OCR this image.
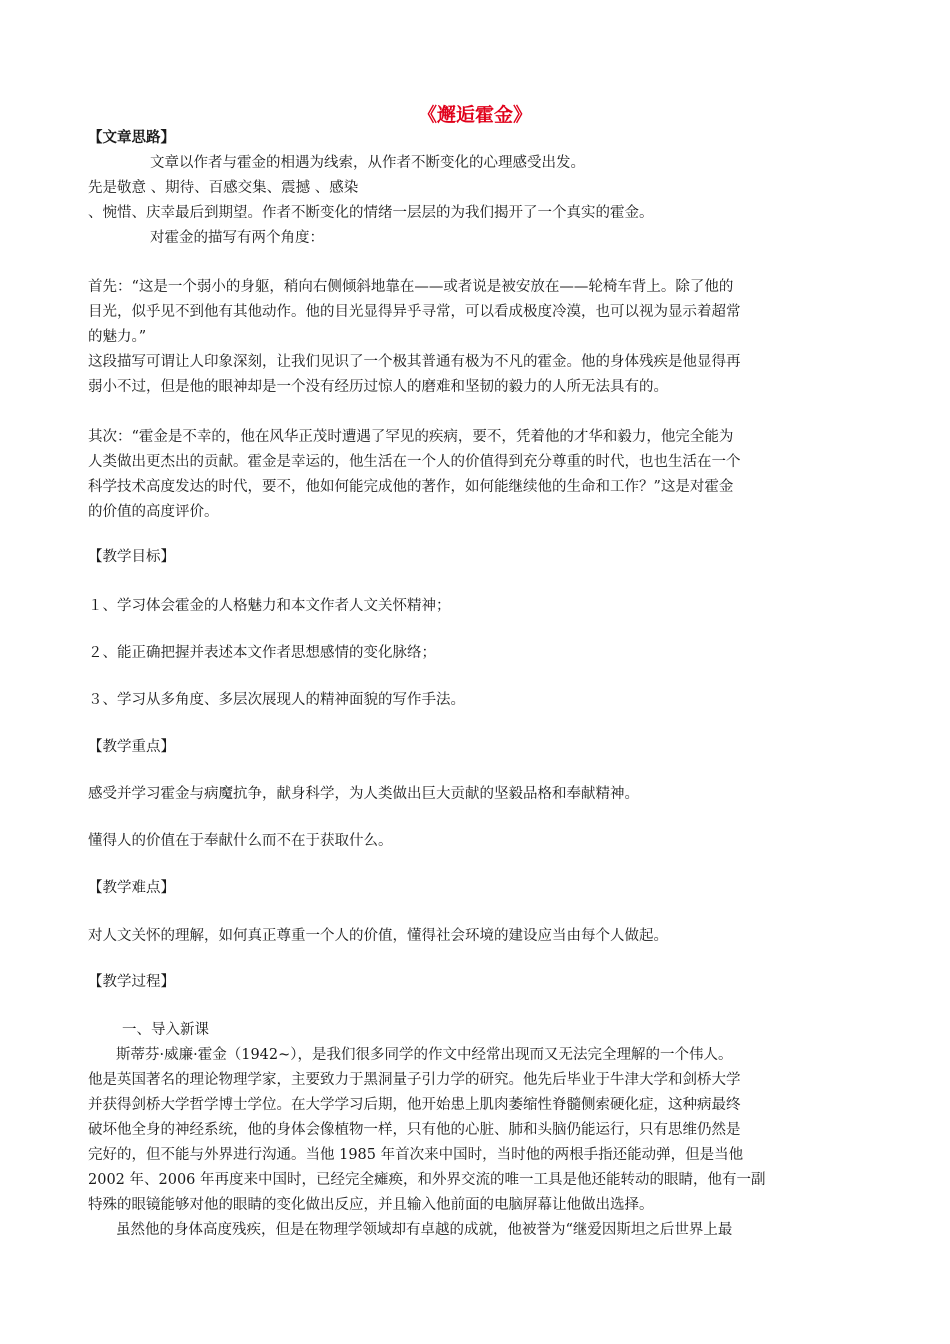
《邂逅霍金》
【文章思路】
文章以作者与霍金的相遇为线索，从作者不断变化的心理感受出发。
先是敬意 、期待、百感交集、震撼 、感染
、惋惜、庆幸最后到期望。作者不断变化的情绪一层层的为我们揭开了一个真实的霍金。
对霍金的描写有两个角度：
首先：“这是一个弱小的身躯，稍向右侧倾斜地靠在——或者说是被安放在——轮椅车背上。除了他的
目光，似乎见不到他有其他动作。他的目光显得异乎寻常，可以看成极度冷漠，也可以视为显示着超常
的魅力。”
这段描写可谓让人印象深刻，让我们见识了一个极其普通有极为不凡的霍金。他的身体残疾是他显得再
弱小不过，但是他的眼神却是一个没有经历过惊人的磨难和坚韧的毅力的人所无法具有的。
其次：“霍金是不幸的，他在风华正茂时遭遇了罕见的疾病，要不，凭着他的才华和毅力，他完全能为
人类做出更杰出的贡献。霍金是幸运的，他生活在一个人的价值得到充分尊重的时代，也也生活在一个
科学技术高度发达的时代，要不，他如何能完成他的著作，如何能继续他的生命和工作？”这是对霍金
的价值的高度评价。
【教学目标】
１、学习体会霍金的人格魅力和本文作者人文关怀精神；
２、能正确把握并表述本文作者思想感情的变化脉络；
３、学习从多角度、多层次展现人的精神面貌的写作手法。
【教学重点】
感受并学习霍金与病魔抗争，献身科学，为人类做出巨大贡献的坚毅品格和奉献精神。
懂得人的价值在于奉献什么而不在于获取什么。
【教学难点】
对人文关怀的理解，如何真正尊重一个人的价值，懂得社会环境的建设应当由每个人做起。
【教学过程】
一、导入新课
斯蒂芬·威廉·霍金（1942~），是我们很多同学的作文中经常出现而又无法完全理解的一个伟人。
他是英国著名的理论物理学家，主要致力于黑洞量子引力学的研究。他先后毕业于牛津大学和剑桥大学
并获得剑桥大学哲学博士学位。在大学学习后期，他开始患上肌肉萎缩性脊髓侧索硬化症，这种病最终
破坏他全身的神经系统，他的身体会像植物一样，只有他的心脏、肺和头脑仍能运行，只有思维仍然是
完好的，但不能与外界进行沟通。当他 1985 年首次来中国时，当时他的两根手指还能动弹，但是当他
2002 年、2006 年再度来中国时，已经完全瘫痪，和外界交流的唯一工具是他还能转动的眼睛，他有一副
特殊的眼镜能够对他的眼睛的变化做出反应，并且输入他前面的电脑屏幕让他做出选择。
虽然他的身体高度残疾，但是在物理学领域却有卓越的成就，他被誉为“继爱因斯坦之后世界上最
